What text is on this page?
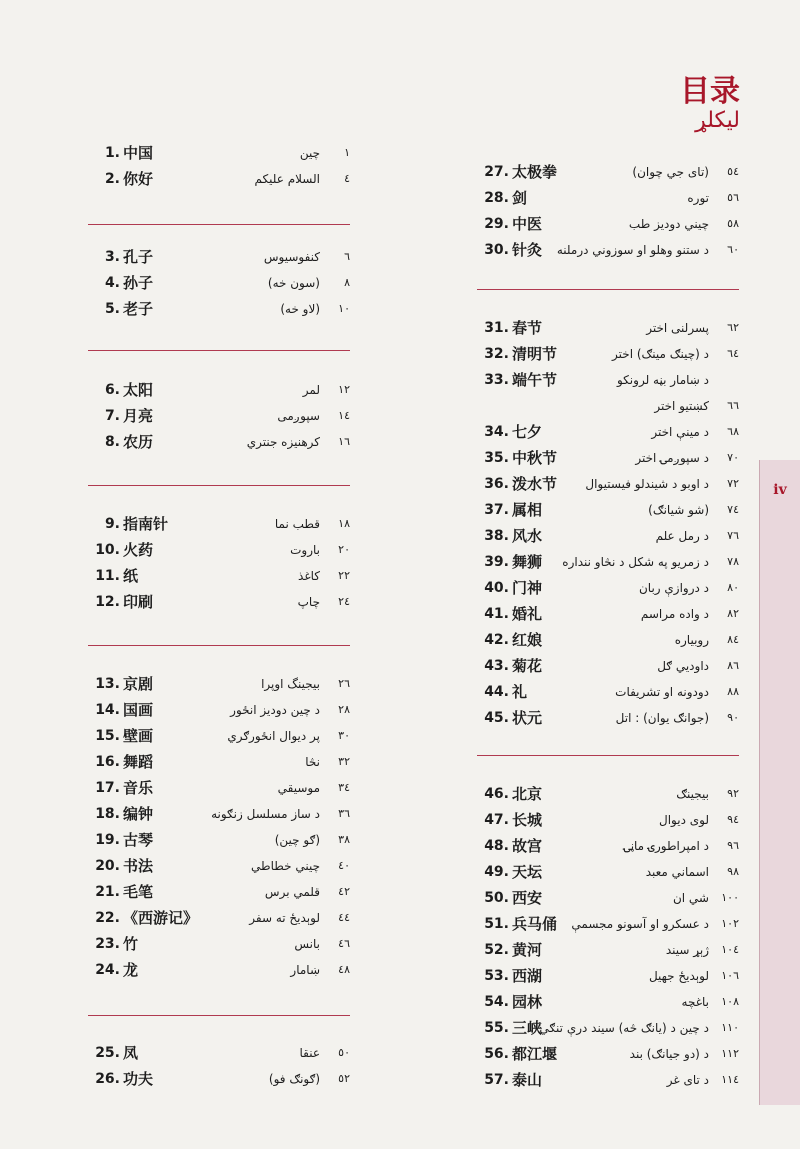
目录
لیکلړ
iv
1. 中国	چين	١
2. 你好	السلام عليكم	٤
3. 孔子	کنفوسیوس	٦
4. 孙子	(سون خه)	٨
5. 老子	(لاو خه)	١٠
6. 太阳	لمر	١٢
7. 月亮	سپوږمی	١٤
8. 农历	کرهنیزه جنتري	١٦
9. 指南针	قطب نما	١٨
10. 火药	باروت	٢٠
11. 纸	کاغذ	٢٢
12. 印刷	چاپ	٢٤
13. 京剧	بیجینگ اوپرا	٢٦
14. 国画	د چین دودیز انځور	٢٨
15. 壁画	پر دیوال انځورګري	٣٠
16. 舞蹈	نڅا	٣٢
17. 音乐	موسیقي	٣٤
18. 编钟	د ساز مسلسل زنګونه	٣٦
19. 古琴	(ګو چین)	٣٨
20. 书法	چیني خطاطي	٤٠
21. 毛笔	قلمي برس	٤٢
22. 《西游记》	لوېديځ ته سفر	٤٤
23. 竹	بانس	٤٦
24. 龙	ښامار	٤٨
25. 凤	عنقا	٥٠
26. 功夫	(ګونګ فو)	٥٢
27. 太极拳	(تای جي چوان)	٥٤
28. 剑	توره	٥٦
29. 中医	چیني دودیز طب	٥٨
30. 针灸 د ستنو وهلو او سوزوني درملنه	٦٠
31. 春节	پسرلنی اختر	٦٢
32. 清明节	د (چینګ مینګ) اختر	٦٤
33. 端午节	د ښامار بڼه لرونکو
کښتیو اختر	٦٦
34. 七夕	د مینې اختر	٦٨
35. 中秋节	د سپوږمۍ اختر	٧٠
36. 泼水节 د اوبو د شیندلو فیستیوال	٧٢
37. 属相	(شو شیانګ)	٧٤
38. 风水	د رمل علم	٧٦
39. 舞狮 د زمریو په شکل د نڅاو ننداره	٧٨
40. 门神	د دروازې ربان	٨٠
41. 婚礼	د واده مراسم	٨٢
42. 红娘	روبیاره	٨٤
43. 菊花	داوديي ګل	٨٦
44. 礼	دودونه او تشریفات	٨٨
45. 状元	(جوانګ یوان) : اتل	٩٠
46. 北京	بیجینګ	٩٢
47. 长城	لوی دیوال	٩٤
48. 故宫	د امپراطورۍ ماڼۍ	٩٦
49. 天坛	اسماني معبد	٩٨
50. 西安	شي ان	١٠٠
51. 兵马俑 د عسکرو او آسونو مجسمې	١٠٢
52. 黄河	ژېړ سیند	١٠٤
53. 西湖	لوېديځ جهیل	١٠٦
54. 园林	باغچه	١٠٨
55. 三峡
د چین د (یانګ څه) سیند درې تنګي	١١٠
56. 都江堰	د (دو جیانګ) بند	١١٢
57. 泰山	د تای غر	١١٤
